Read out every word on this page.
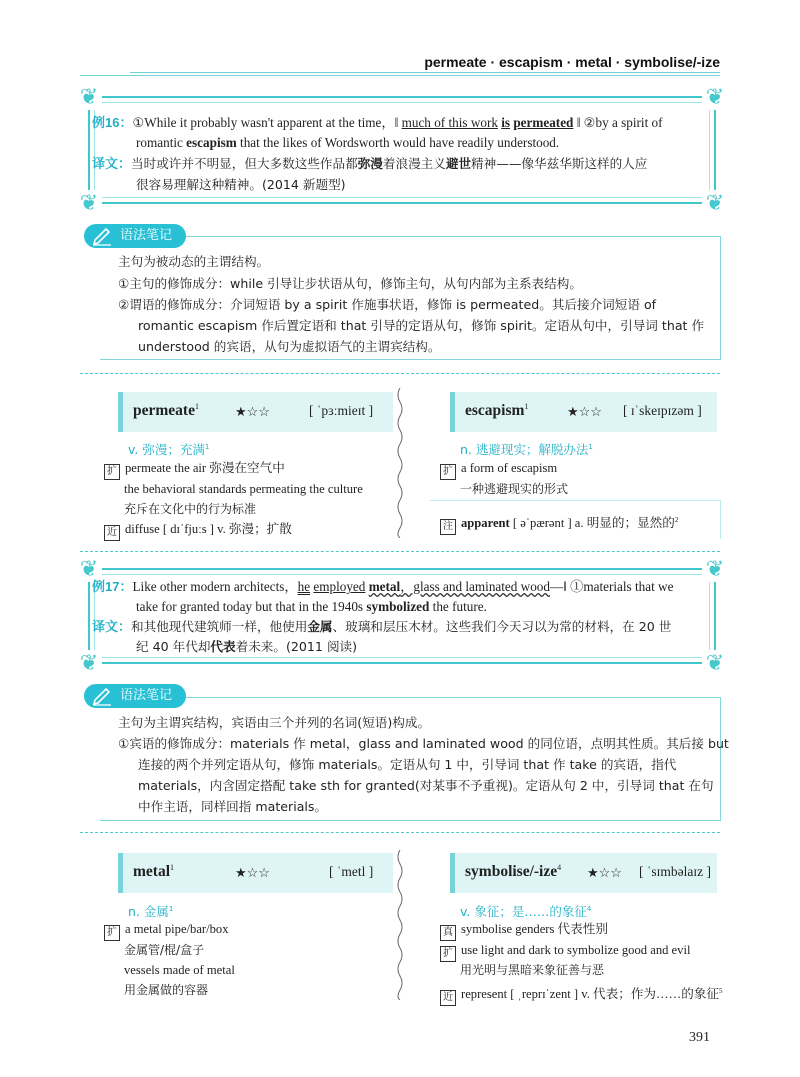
permeate · escapism · metal · symbolise/-ize
❦	❦
❦	❦
例16：①While it probably wasn't apparent at the time，‖ much of this work is permeated ‖ ②by a spirit of
romantic escapism that the likes of Wordsworth would have readily understood.
译文：当时或许并不明显，但大多数这些作品都弥漫着浪漫主义避世精神——像华兹华斯这样的人应
很容易理解这种精神。(2014 新题型)
语法笔记
主句为被动态的主谓结构。
①主句的修饰成分：while 引导让步状语从句，修饰主句，从句内部为主系表结构。
②谓语的修饰成分：介词短语 by a spirit 作施事状语，修饰 is permeated。其后接介词短语 of
romantic escapism 作后置定语和 that 引导的定语从句，修饰 spirit。定语从句中，引导词 that 作
understood 的宾语，从句为虚拟语气的主谓宾结构。
permeate$^1$	★☆☆	[ ˈpɜːmieɪt ]
v. 弥漫；充满$^1$
扩 permeate the air 弥漫在空气中
the behavioral standards permeating the culture
充斥在文化中的行为标准
近 diffuse [ dɪˈfjuːs ] v. 弥漫；扩散
escapism$^1$	★☆☆ [ ɪˈskeɪpɪzəm ]
n. 逃避现实；解脱办法$^1$
扩 a form of escapism
一种逃避现实的形式
注 apparent [ əˈpærənt ] a. 明显的；显然的$^2$
❦	❦
❦	❦
例17：Like other modern architects，he employed metal，glass and laminated wood—‖ ①materials that we
take for granted today but that in the 1940s symbolized the future.
译文：和其他现代建筑师一样，他使用金属、玻璃和层压木材。这些我们今天习以为常的材料，在 20 世
纪 40 年代却代表着未来。(2011 阅读)
语法笔记
主句为主谓宾结构，宾语由三个并列的名词(短语)构成。
①宾语的修饰成分：materials 作 metal，glass and laminated wood 的同位语，点明其性质。其后接 but
连接的两个并列定语从句，修饰 materials。定语从句 1 中，引导词 that 作 take 的宾语，指代
materials，内含固定搭配 take sth for granted(对某事不予重视)。定语从句 2 中，引导词 that 在句
中作主语，同样回指 materials。
metal$^1$	★☆☆	[ ˈmetl ]
n. 金属$^1$
扩 a metal pipe/bar/box
金属管/棍/盒子
vessels made of metal
用金属做的容器
symbolise/-ize$^4$ ★☆☆ [ ˈsɪmbəlaɪz ]
v. 象征；是……的象征$^4$
真 symbolise genders 代表性别
扩 use light and dark to symbolize good and evil
用光明与黑暗来象征善与恶
近 represent [ ˌreprɪˈzent ] v. 代表；作为……的象征$^5$
391
